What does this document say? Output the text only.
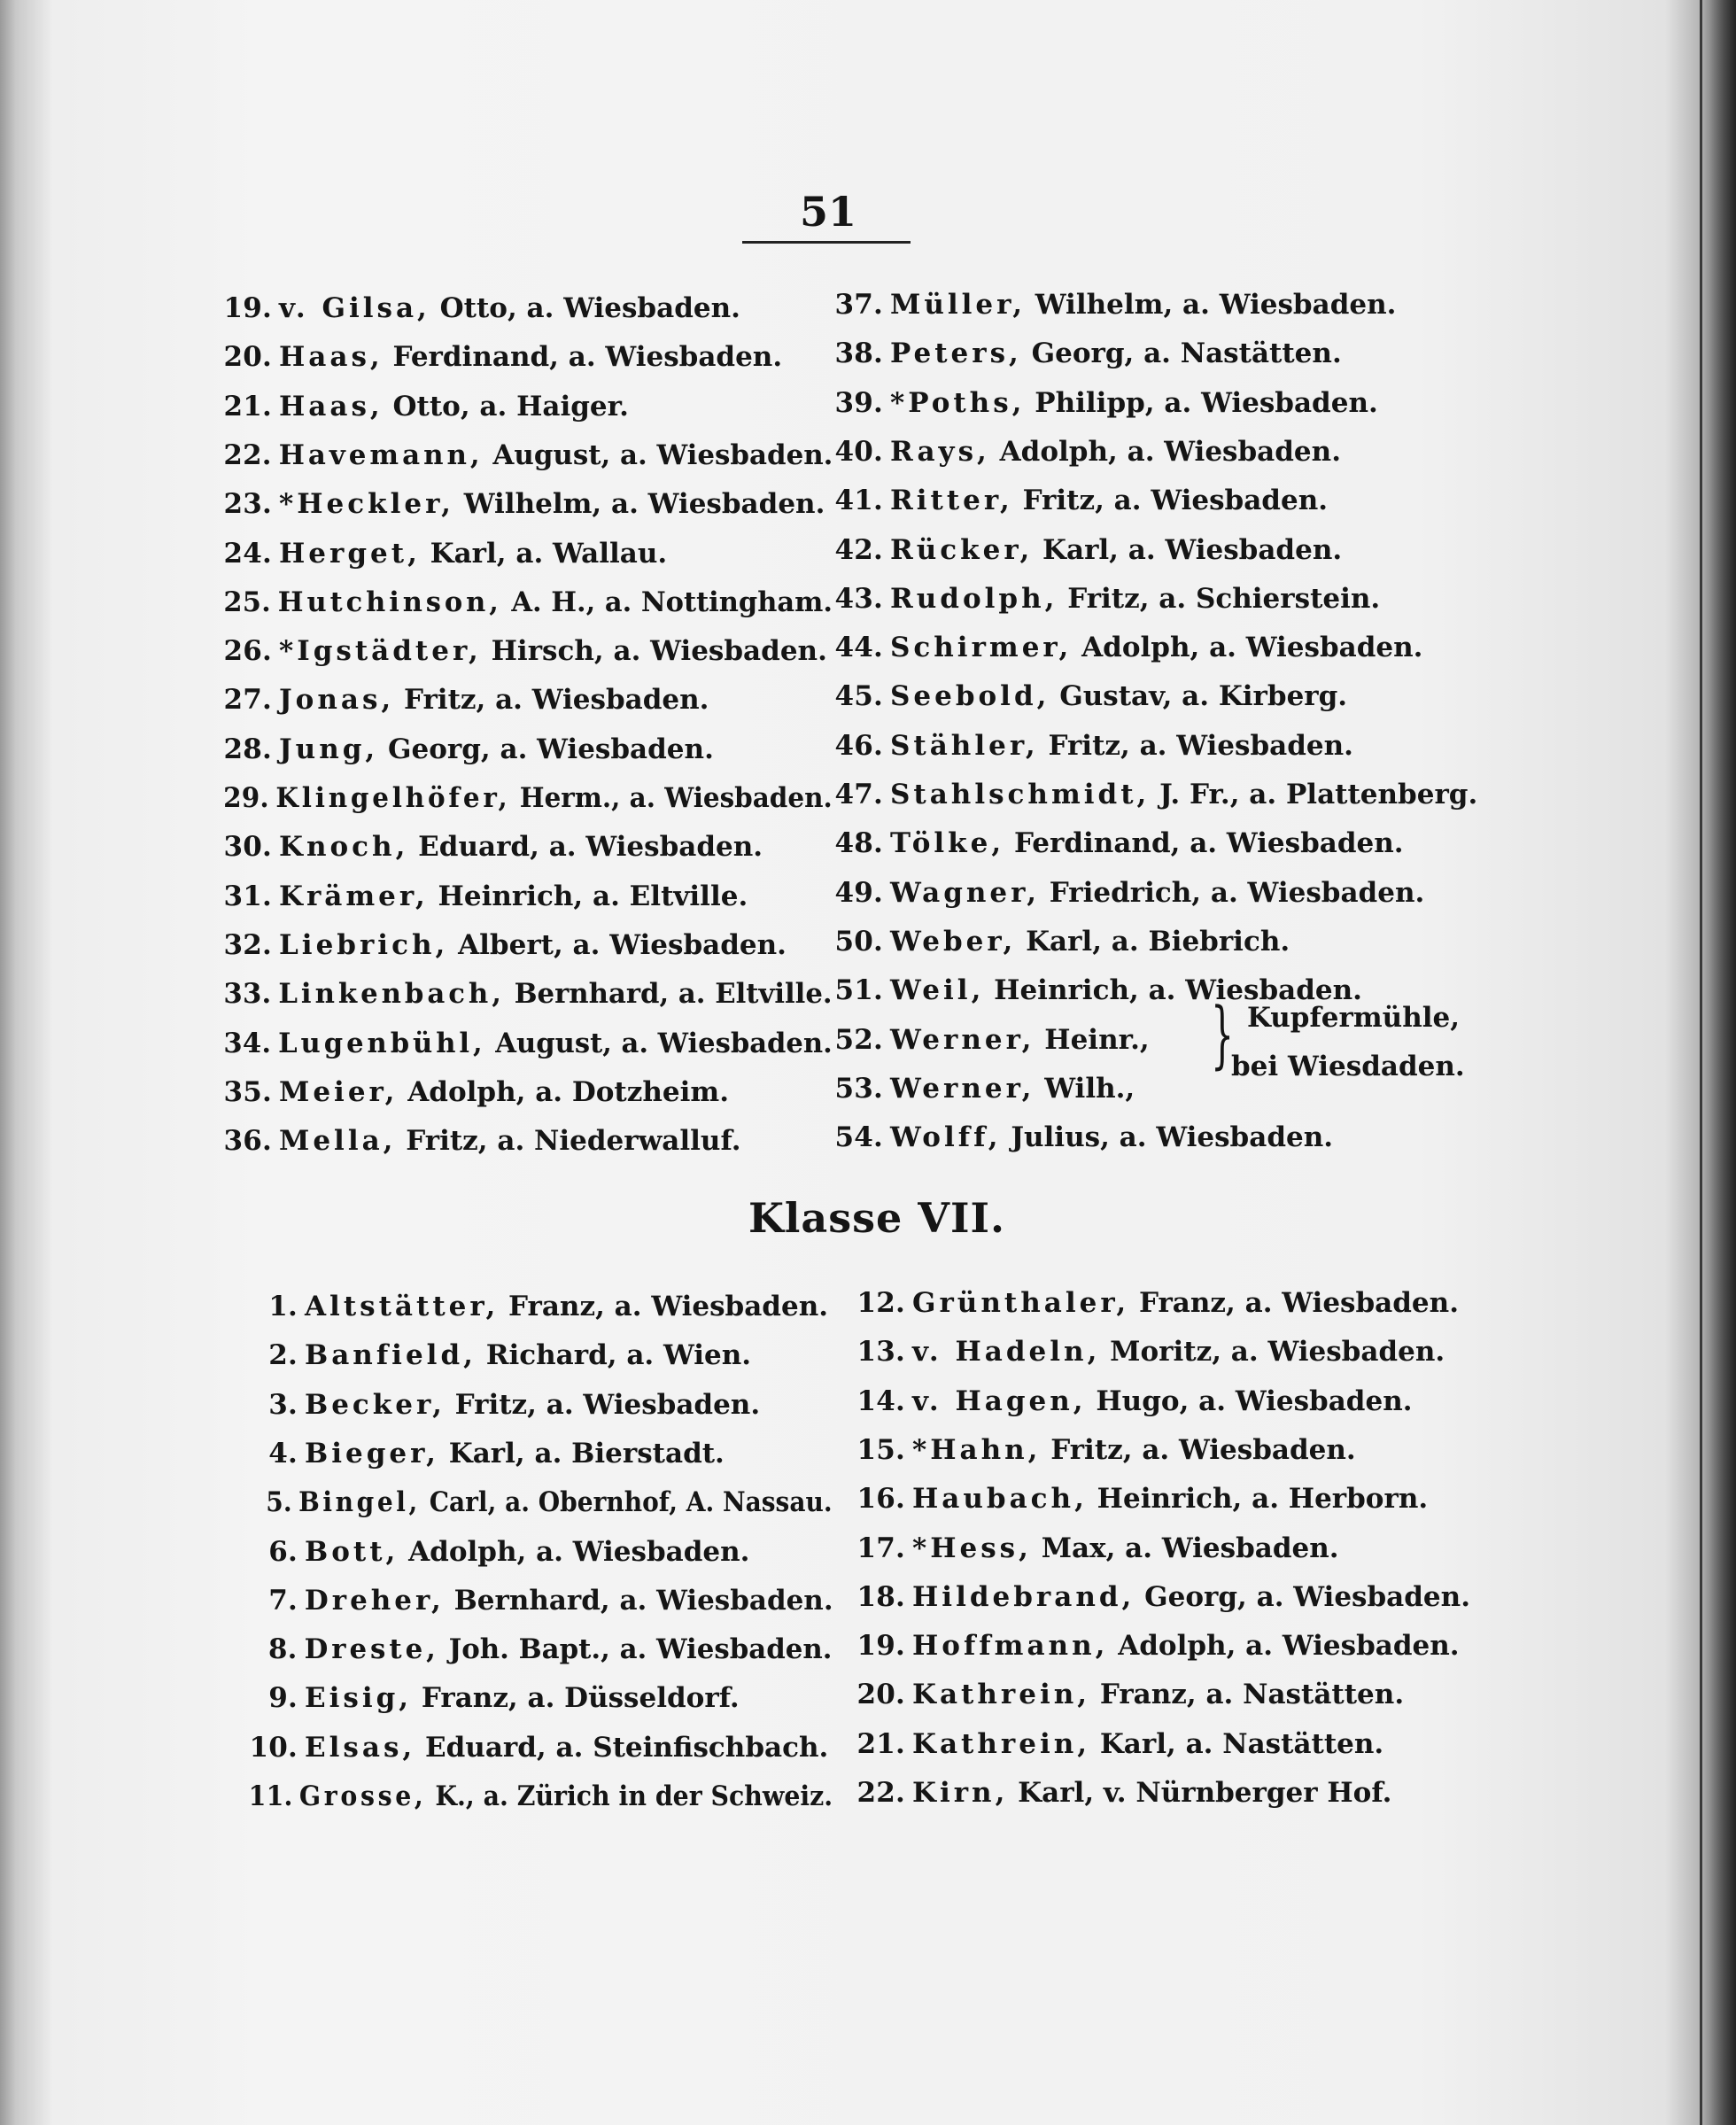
51
19. v. Gilsa, Otto, a. Wiesbaden.
20. Haas, Ferdinand, a. Wiesbaden.
21. Haas, Otto, a. Haiger.
22. Havemann, August, a. Wiesbaden.
23. *Heckler, Wilhelm, a. Wiesbaden.
24. Herget, Karl, a. Wallau.
25. Hutchinson, A. H., a. Nottingham.
26. *Igstädter, Hirsch, a. Wiesbaden.
27. Jonas, Fritz, a. Wiesbaden.
28. Jung, Georg, a. Wiesbaden.
29. Klingelhöfer, Herm., a. Wiesbaden.
30. Knoch, Eduard, a. Wiesbaden.
31. Krämer, Heinrich, a. Eltville.
32. Liebrich, Albert, a. Wiesbaden.
33. Linkenbach, Bernhard, a. Eltville.
34. Lugenbühl, August, a. Wiesbaden.
35. Meier, Adolph, a. Dotzheim.
36. Mella, Fritz, a. Niederwalluf.
37. Müller, Wilhelm, a. Wiesbaden.
38. Peters, Georg, a. Nastätten.
39. *Poths, Philipp, a. Wiesbaden.
40. Rays, Adolph, a. Wiesbaden.
41. Ritter, Fritz, a. Wiesbaden.
42. Rücker, Karl, a. Wiesbaden.
43. Rudolph, Fritz, a. Schierstein.
44. Schirmer, Adolph, a. Wiesbaden.
45. Seebold, Gustav, a. Kirberg.
46. Stähler, Fritz, a. Wiesbaden.
47. Stahlschmidt, J. Fr., a. Plattenberg.
48. Tölke, Ferdinand, a. Wiesbaden.
49. Wagner, Friedrich, a. Wiesbaden.
50. Weber, Karl, a. Biebrich.
51. Weil, Heinrich, a. Wiesbaden.
52. Werner, Heinr.,
53. Werner, Wilh.,
54. Wolff, Julius, a. Wiesbaden.
} Kupfermühle,
bei Wiesdaden.
Klasse VII.
1. Altstätter, Franz, a. Wiesbaden.
2. Banfield, Richard, a. Wien.
3. Becker, Fritz, a. Wiesbaden.
4. Bieger, Karl, a. Bierstadt.
5. Bingel, Carl, a. Obernhof, A. Nassau.
6. Bott, Adolph, a. Wiesbaden.
7. Dreher, Bernhard, a. Wiesbaden.
8. Dreste, Joh. Bapt., a. Wiesbaden.
9. Eisig, Franz, a. Düsseldorf.
10. Elsas, Eduard, a. Steinfischbach.
11. Grosse, K., a. Zürich in der Schweiz.
12. Grünthaler, Franz, a. Wiesbaden.
13. v. Hadeln, Moritz, a. Wiesbaden.
14. v. Hagen, Hugo, a. Wiesbaden.
15. *Hahn, Fritz, a. Wiesbaden.
16. Haubach, Heinrich, a. Herborn.
17. *Hess, Max, a. Wiesbaden.
18. Hildebrand, Georg, a. Wiesbaden.
19. Hoffmann, Adolph, a. Wiesbaden.
20. Kathrein, Franz, a. Nastätten.
21. Kathrein, Karl, a. Nastätten.
22. Kirn, Karl, v. Nürnberger Hof.
